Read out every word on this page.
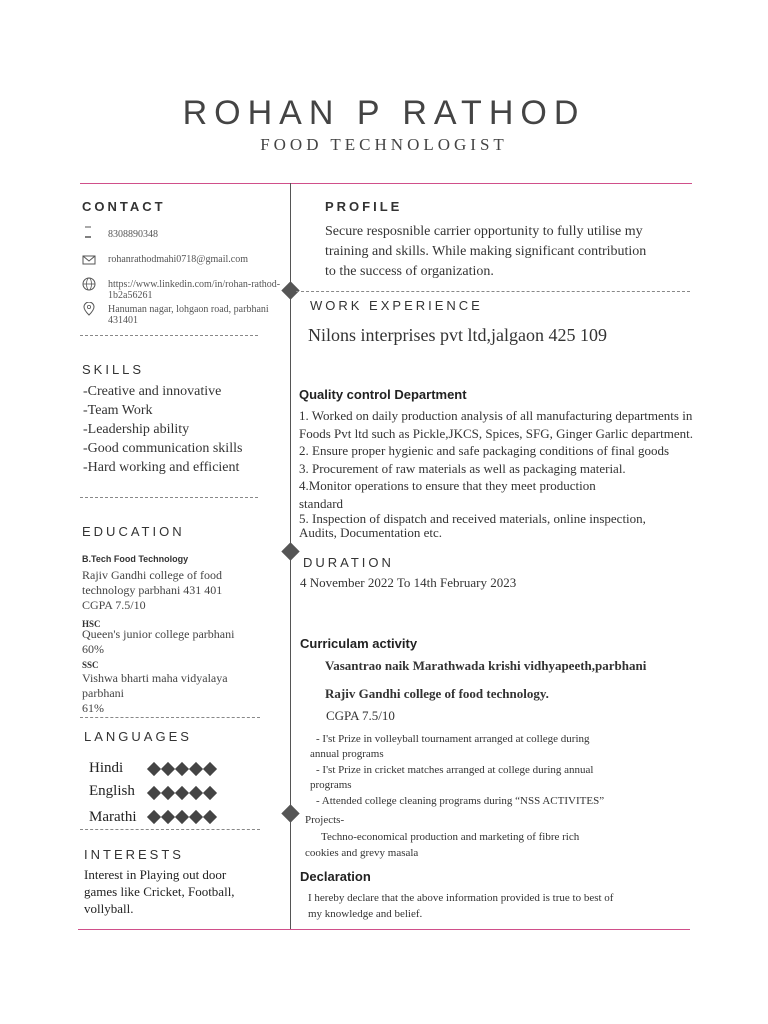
ROHAN P RATHOD
FOOD TECHNOLOGIST
CONTACT
8308890348
rohanrathodmahi0718@gmail.com
https://www.linkedin.com/in/rohan-rathod-1b2a56261
Hanuman nagar, lohgaon road, parbhani 431401
SKILLS
-Creative and innovative
-Team Work
-Leadership ability
-Good communication skills
-Hard working and efficient
EDUCATION
B.Tech Food Technology
Rajiv Gandhi college of food
technology parbhani 431 401
CGPA 7.5/10
HSC
Queen's junior college parbhani
60%
SSC
Vishwa bharti maha vidyalaya
parbhani
61%
LANGUAGES
Hindi
English
Marathi
INTERESTS
Interest in Playing out door
games like Cricket, Football,
vollyball.
PROFILE
Secure resposnible carrier opportunity to fully utilise my
training and skills. While making significant contribution
to the success of organization.
WORK EXPERIENCE
Nilons interprises pvt ltd,jalgaon 425 109
Quality control Department
1. Worked on daily production analysis of all manufacturing departments in
Foods Pvt ltd such as Pickle,JKCS, Spices, SFG, Ginger Garlic department.
2. Ensure proper hygienic and safe packaging conditions of final goods
3. Procurement of raw materials as well as packaging material.
4.Monitor operations to ensure that they meet production
standard
5. Inspection of dispatch and received materials, online inspection,
Audits, Documentation etc.
DURATION
4 November 2022 To 14th February 2023
Curriculam activity
Vasantrao naik Marathwada krishi vidhyapeeth,parbhani
Rajiv Gandhi college of food technology.
CGPA 7.5/10
- I'st Prize in volleyball tournament arranged at college during
annual programs
- I'st Prize in cricket matches arranged at college during annual
programs
- Attended college cleaning programs during “NSS ACTIVITES”
Projects-
Techno-economical production and marketing of fibre rich
cookies and grevy masala
Declaration
I hereby declare that the above information provided is true to best of
my knowledge and belief.
